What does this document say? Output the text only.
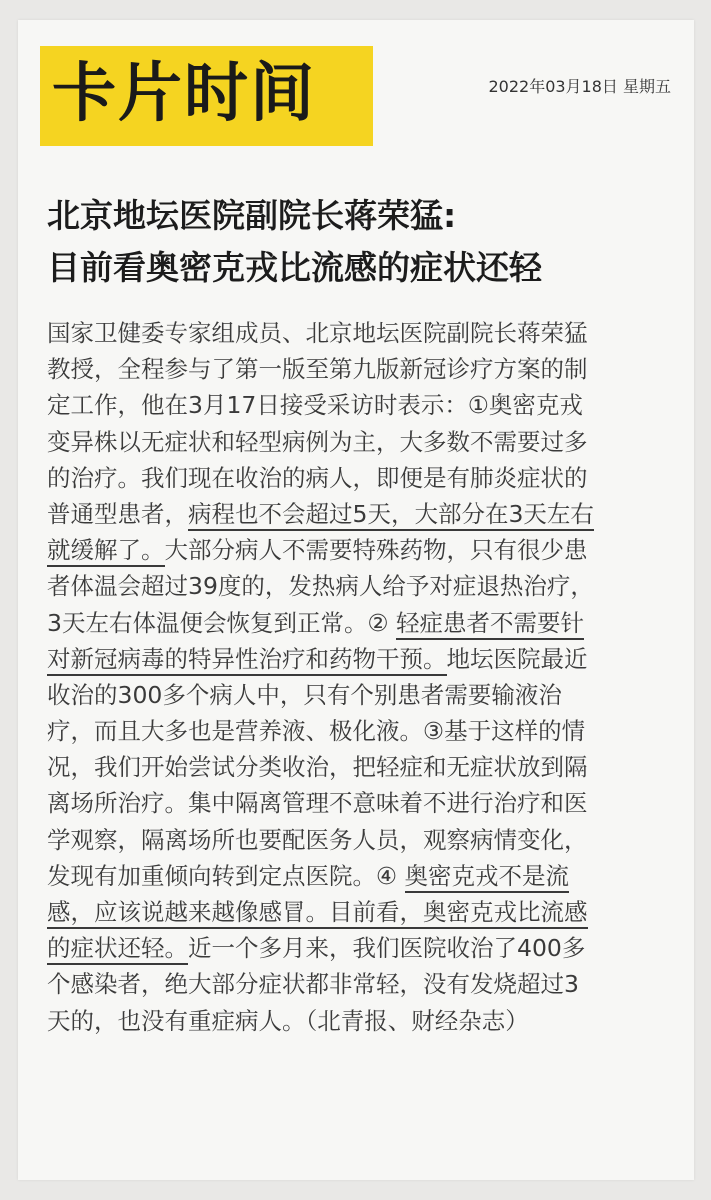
卡片时间	2022年03月18日 星期五
北京地坛医院副院长蒋荣猛:
目前看奥密克戎比流感的症状还轻
国家卫健委专家组成员、北京地坛医院副院长蒋荣猛
教授，全程参与了第一版至第九版新冠诊疗方案的制
定工作，他在3月17日接受采访时表示：①奥密克戎
变异株以无症状和轻型病例为主，大多数不需要过多
的治疗。我们现在收治的病人，即便是有肺炎症状的
普通型患者，病程也不会超过5天，大部分在3天左右
就缓解了。大部分病人不需要特殊药物，只有很少患
者体温会超过39度的，发热病人给予对症退热治疗，
3天左右体温便会恢复到正常。② 轻症患者不需要针
对新冠病毒的特异性治疗和药物干预。地坛医院最近
收治的300多个病人中，只有个别患者需要输液治
疗，而且大多也是营养液、极化液。③基于这样的情
况，我们开始尝试分类收治，把轻症和无症状放到隔
离场所治疗。集中隔离管理不意味着不进行治疗和医
学观察，隔离场所也要配医务人员，观察病情变化，
发现有加重倾向转到定点医院。④ 奥密克戎不是流
感，应该说越来越像感冒。目前看，奥密克戎比流感
的症状还轻。近一个多月来，我们医院收治了400多
个感染者，绝大部分症状都非常轻，没有发烧超过3
天的，也没有重症病人。（北青报、财经杂志）
